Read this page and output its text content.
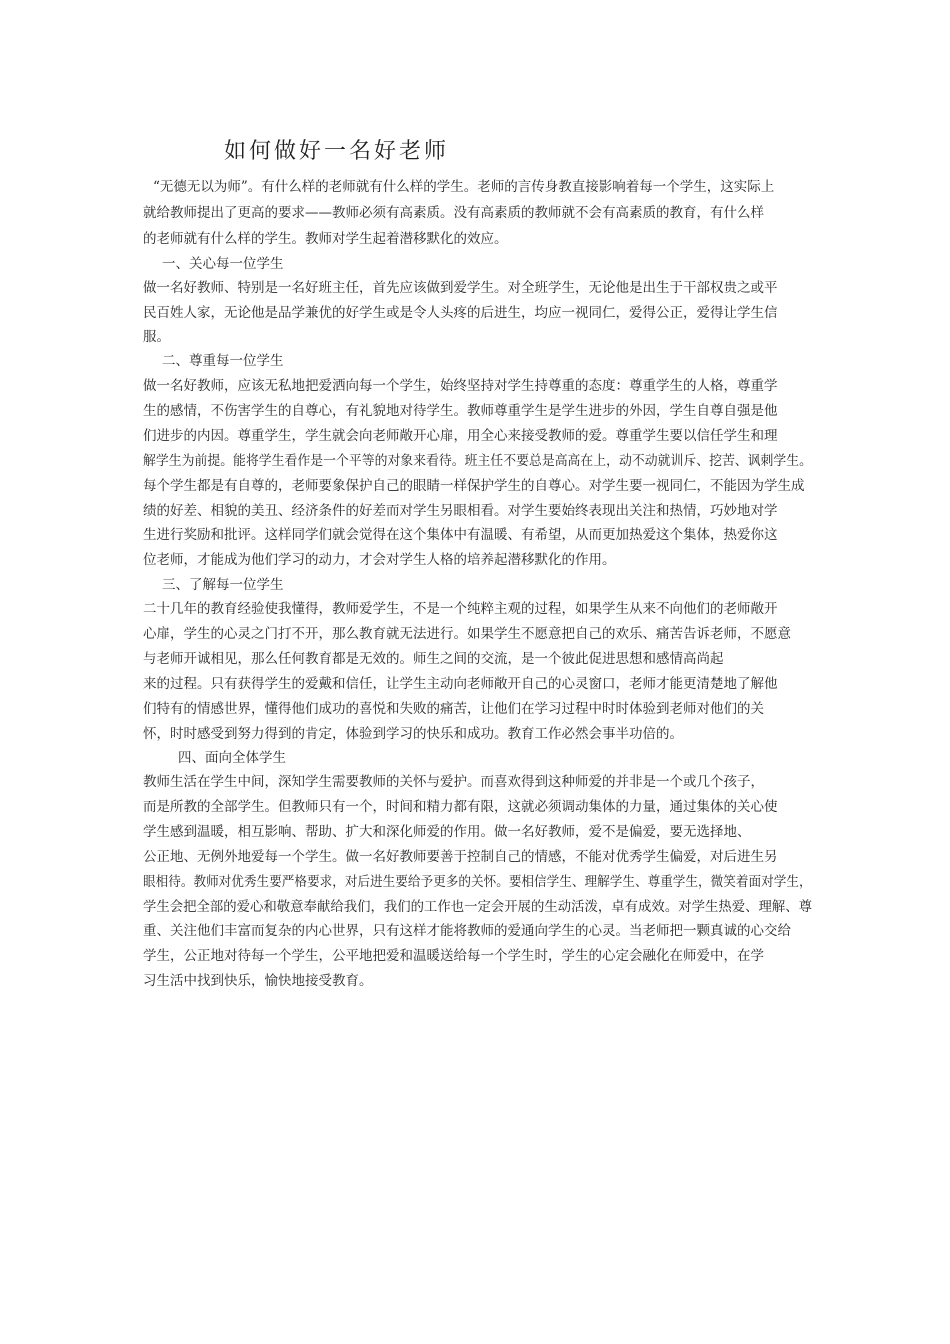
如何做好一名好老师
“无德无以为师”。有什么样的老师就有什么样的学生。老师的言传身教直接影响着每一个学生，这实际上
就给教师提出了更高的要求——教师必须有高素质。没有高素质的教师就不会有高素质的教育，有什么样
的老师就有什么样的学生。教师对学生起着潜移默化的效应。
一、关心每一位学生
做一名好教师、特别是一名好班主任，首先应该做到爱学生。对全班学生，无论他是出生于干部权贵之或平
民百姓人家，无论他是品学兼优的好学生或是令人头疼的后进生，均应一视同仁，爱得公正，爱得让学生信
服。
二、尊重每一位学生
做一名好教师，应该无私地把爱洒向每一个学生，始终坚持对学生持尊重的态度：尊重学生的人格，尊重学
生的感情，不伤害学生的自尊心，有礼貌地对待学生。教师尊重学生是学生进步的外因，学生自尊自强是他
们进步的内因。尊重学生，学生就会向老师敞开心扉，用全心来接受教师的爱。尊重学生要以信任学生和理
解学生为前提。能将学生看作是一个平等的对象来看待。班主任不要总是高高在上，动不动就训斥、挖苦、讽刺学生。
每个学生都是有自尊的，老师要象保护自己的眼睛一样保护学生的自尊心。对学生要一视同仁，不能因为学生成
绩的好差、相貌的美丑、经济条件的好差而对学生另眼相看。对学生要始终表现出关注和热情，巧妙地对学
生进行奖励和批评。这样同学们就会觉得在这个集体中有温暖、有希望，从而更加热爱这个集体，热爱你这
位老师，才能成为他们学习的动力，才会对学生人格的培养起潜移默化的作用。
三、了解每一位学生
二十几年的教育经验使我懂得，教师爱学生，不是一个纯粹主观的过程，如果学生从来不向他们的老师敞开
心扉，学生的心灵之门打不开，那么教育就无法进行。如果学生不愿意把自己的欢乐、痛苦告诉老师，不愿意
与老师开诚相见，那么任何教育都是无效的。师生之间的交流，是一个彼此促进思想和感情高尚起
来的过程。只有获得学生的爱戴和信任，让学生主动向老师敞开自己的心灵窗口，老师才能更清楚地了解他
们特有的情感世界，懂得他们成功的喜悦和失败的痛苦，让他们在学习过程中时时体验到老师对他们的关
怀，时时感受到努力得到的肯定，体验到学习的快乐和成功。教育工作必然会事半功倍的。
四、面向全体学生
教师生活在学生中间，深知学生需要教师的关怀与爱护。而喜欢得到这种师爱的并非是一个或几个孩子，
而是所教的全部学生。但教师只有一个，时间和精力都有限，这就必须调动集体的力量，通过集体的关心使
学生感到温暖，相互影响、帮助、扩大和深化师爱的作用。做一名好教师，爱不是偏爱，要无选择地、
公正地、无例外地爱每一个学生。做一名好教师要善于控制自己的情感，不能对优秀学生偏爱，对后进生另
眼相待。教师对优秀生要严格要求，对后进生要给予更多的关怀。要相信学生、理解学生、尊重学生，微笑着面对学生，
学生会把全部的爱心和敬意奉献给我们，我们的工作也一定会开展的生动活泼，卓有成效。对学生热爱、理解、尊
重、关注他们丰富而复杂的内心世界，只有这样才能将教师的爱通向学生的心灵。当老师把一颗真诚的心交给
学生，公正地对待每一个学生，公平地把爱和温暖送给每一个学生时，学生的心定会融化在师爱中，在学
习生活中找到快乐，愉快地接受教育。
